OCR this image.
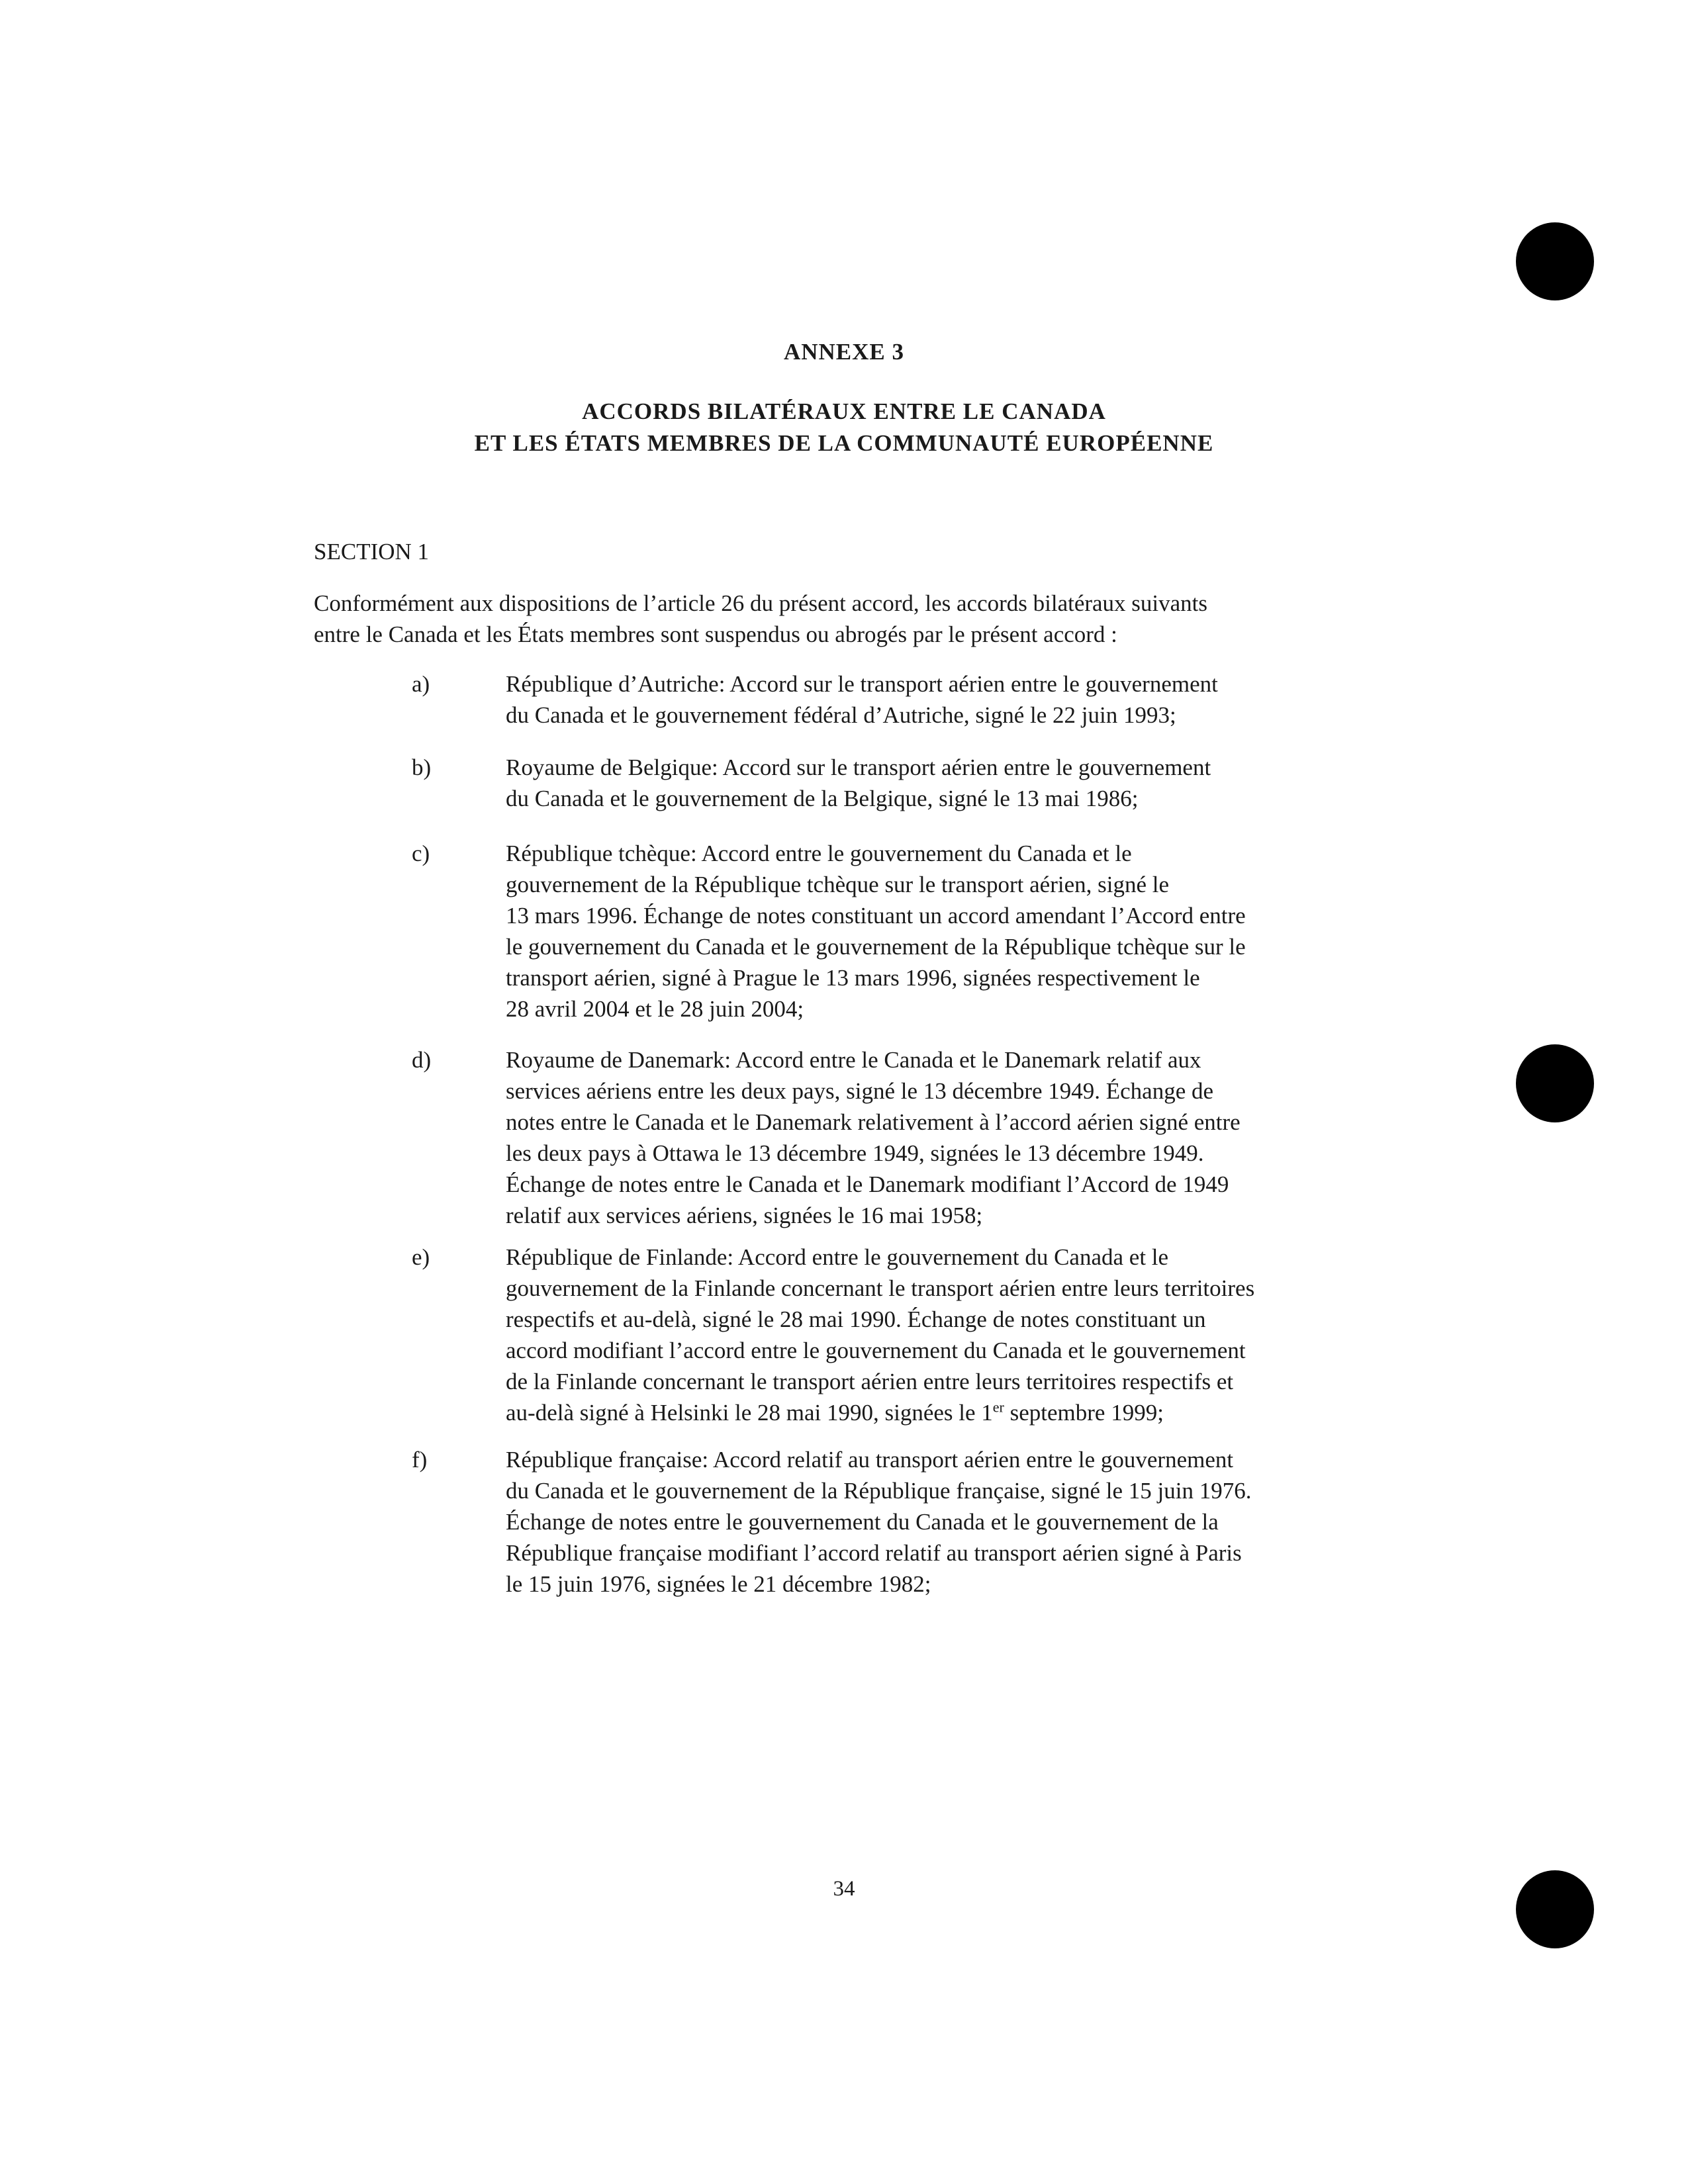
ANNEXE 3
ACCORDS BILATÉRAUX ENTRE LE CANADA
ET LES ÉTATS MEMBRES DE LA COMMUNAUTÉ EUROPÉENNE
SECTION 1
Conformément aux dispositions de l’article 26 du présent accord, les accords bilatéraux suivants
entre le Canada et les États membres sont suspendus ou abrogés par le présent accord :
a)	République d’Autriche: Accord sur le transport aérien entre le gouvernement
du Canada et le gouvernement fédéral d’Autriche, signé le 22 juin 1993;
b)	Royaume de Belgique: Accord sur le transport aérien entre le gouvernement
du Canada et le gouvernement de la Belgique, signé le 13 mai 1986;
c)	République tchèque: Accord entre le gouvernement du Canada et le
gouvernement de la République tchèque sur le transport aérien, signé le
13 mars 1996. Échange de notes constituant un accord amendant l’Accord entre
le gouvernement du Canada et le gouvernement de la République tchèque sur le
transport aérien, signé à Prague le 13 mars 1996, signées respectivement le
28 avril 2004 et le 28 juin 2004;
d)	Royaume de Danemark: Accord entre le Canada et le Danemark relatif aux
services aériens entre les deux pays, signé le 13 décembre 1949. Échange de
notes entre le Canada et le Danemark relativement à l’accord aérien signé entre
les deux pays à Ottawa le 13 décembre 1949, signées le 13 décembre 1949.
Échange de notes entre le Canada et le Danemark modifiant l’Accord de 1949
relatif aux services aériens, signées le 16 mai 1958;
e)	République de Finlande: Accord entre le gouvernement du Canada et le
gouvernement de la Finlande concernant le transport aérien entre leurs territoires
respectifs et au-delà, signé le 28 mai 1990. Échange de notes constituant un
accord modifiant l’accord entre le gouvernement du Canada et le gouvernement
de la Finlande concernant le transport aérien entre leurs territoires respectifs et
au-delà signé à Helsinki le 28 mai 1990, signées le 1er septembre 1999;
f)	République française: Accord relatif au transport aérien entre le gouvernement
du Canada et le gouvernement de la République française, signé le 15 juin 1976.
Échange de notes entre le gouvernement du Canada et le gouvernement de la
République française modifiant l’accord relatif au transport aérien signé à Paris
le 15 juin 1976, signées le 21 décembre 1982;
34
